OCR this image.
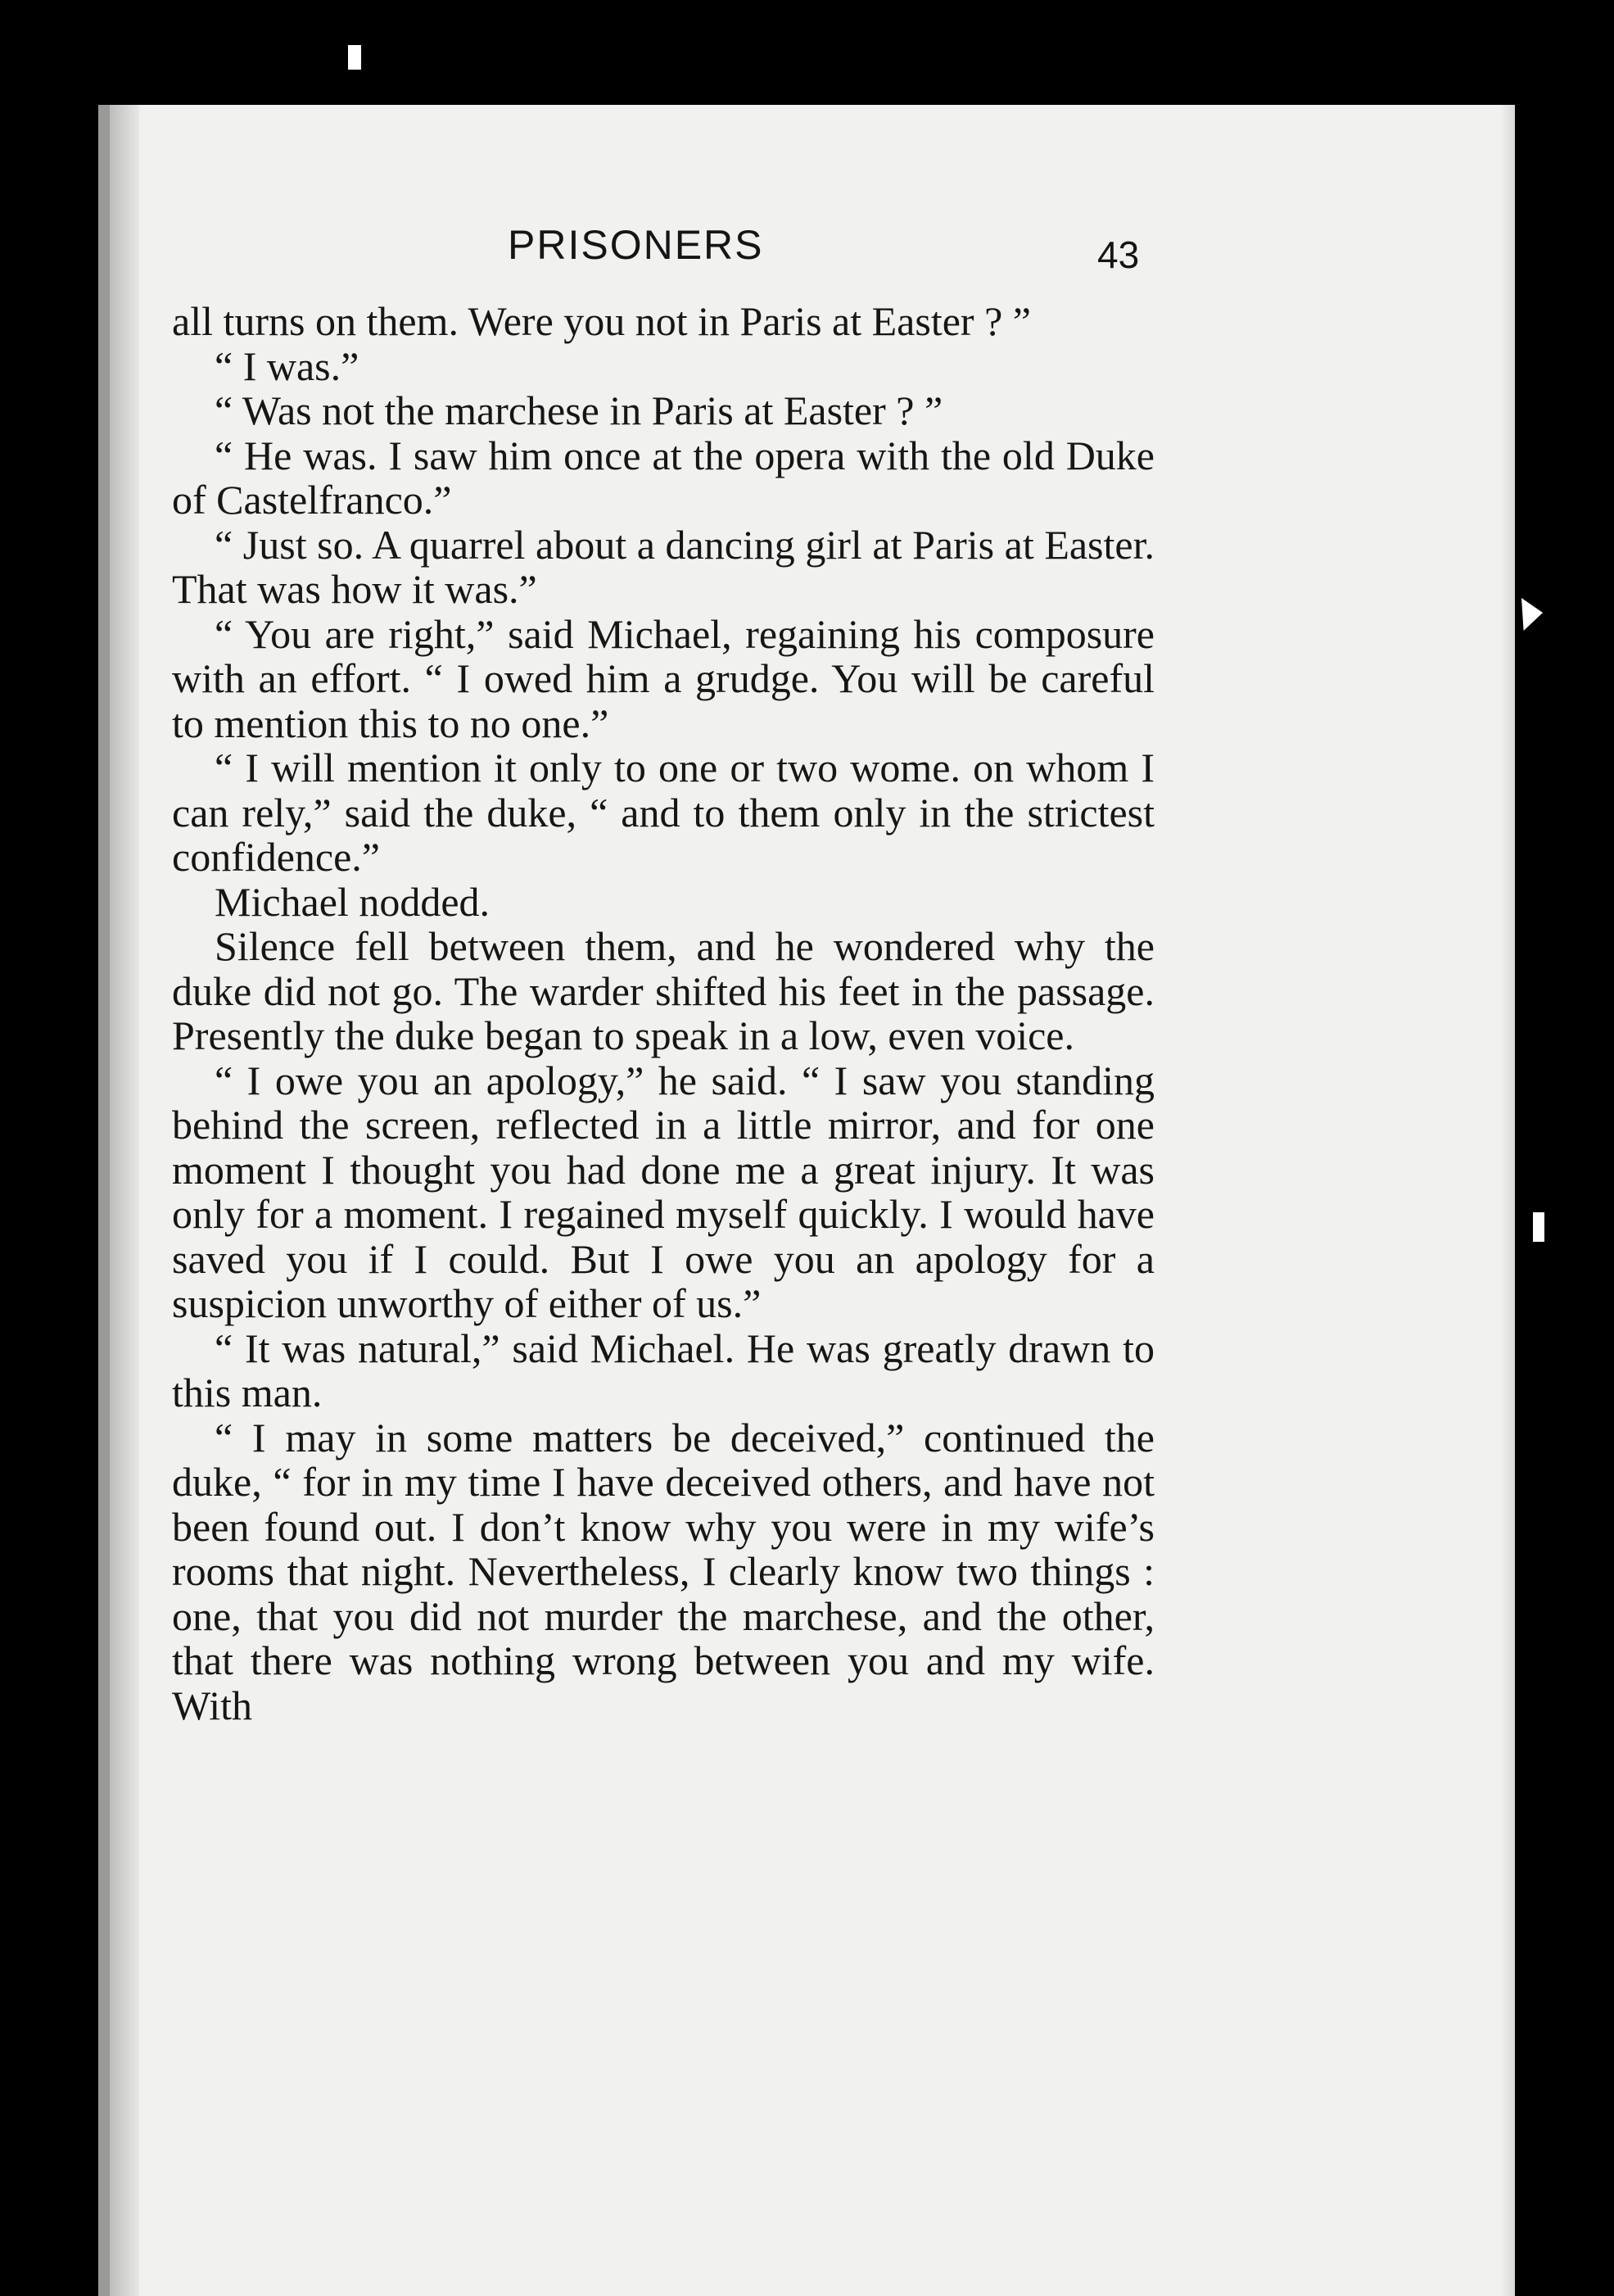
PRISONERS	43

all turns on them. Were you not in Paris at Easter ? ”

“ I was.”

“ Was not the marchese in Paris at Easter ? ”

“ He was. I saw him once at the opera with the old Duke of Castelfranco.”

“ Just so. A quarrel about a dancing girl at Paris at Easter. That was how it was.”

“ You are right,” said Michael, regaining his composure with an effort. “ I owed him a grudge. You will be careful to mention this to no one.”

“ I will mention it only to one or two wome. on whom I can rely,” said the duke, “ and to them only in the strictest confidence.”

Michael nodded.

Silence fell between them, and he wondered why the duke did not go. The warder shifted his feet in the passage. Presently the duke began to speak in a low, even voice.

“ I owe you an apology,” he said. “ I saw you standing behind the screen, reflected in a little mirror, and for one moment I thought you had done me a great injury. It was only for a moment. I regained myself quickly. I would have saved you if I could. But I owe you an apology for a suspicion unworthy of either of us.”

“ It was natural,” said Michael. He was greatly drawn to this man.

“ I may in some matters be deceived,” continued the duke, “ for in my time I have deceived others, and have not been found out. I don’t know why you were in my wife’s rooms that night. Nevertheless, I clearly know two things : one, that you did not murder the marchese, and the other, that there was nothing wrong between you and my wife. With
